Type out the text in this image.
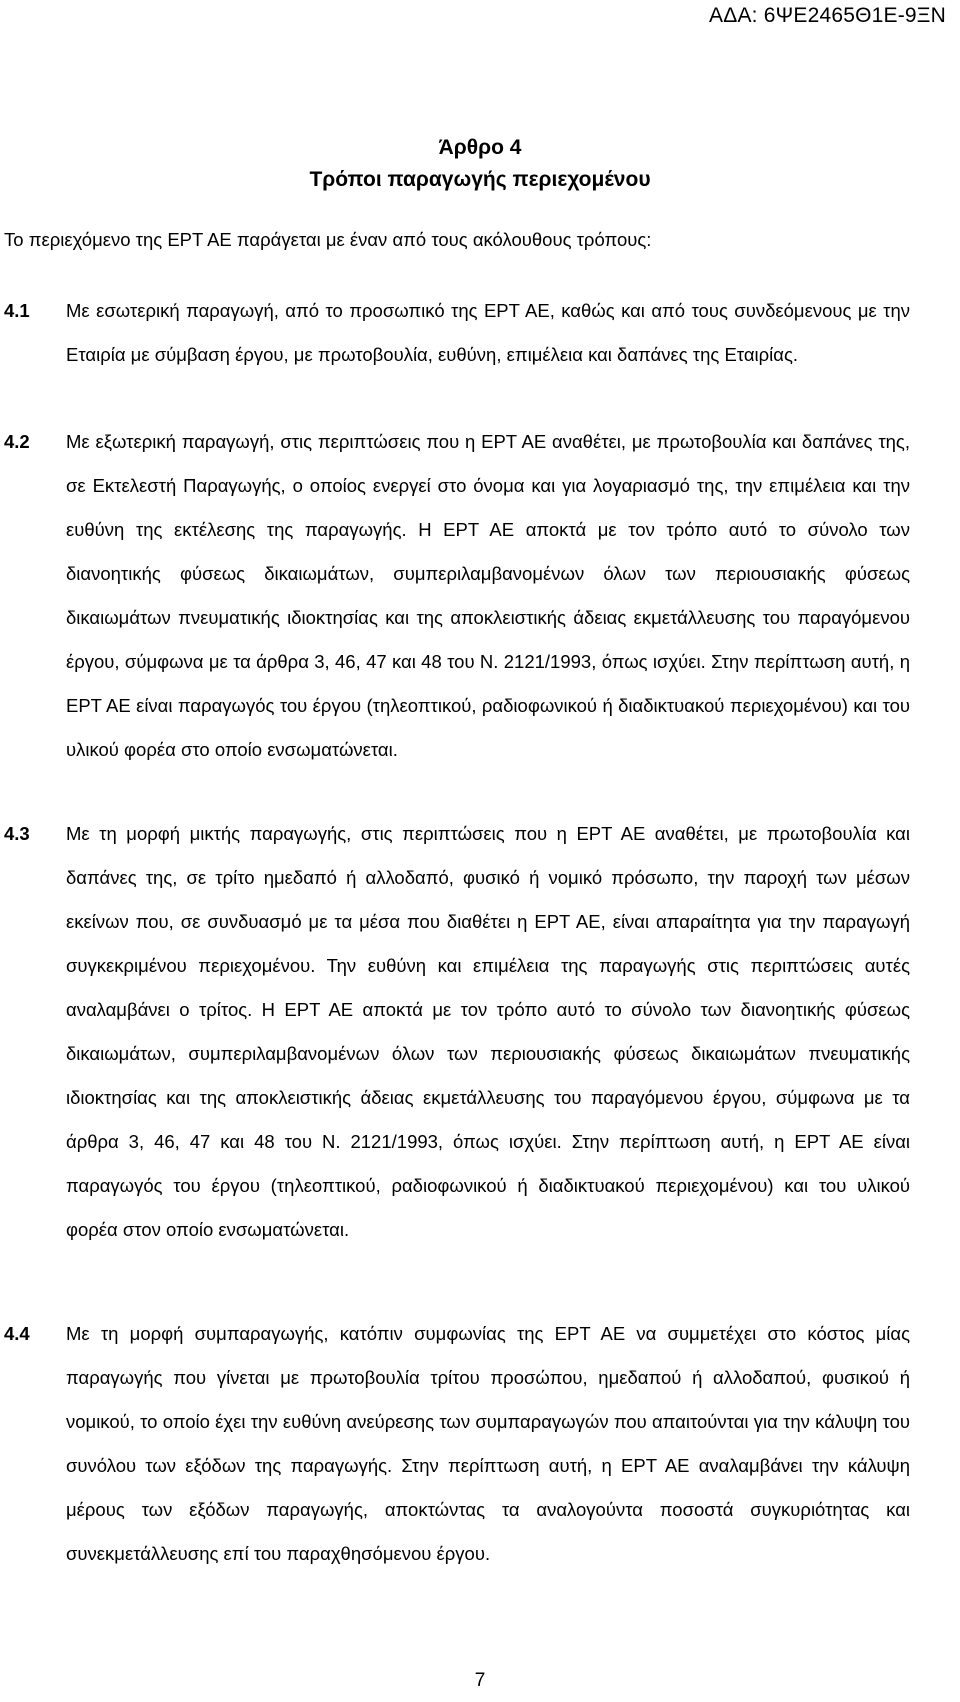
ΑΔΑ: 6ΨΕ2465Θ1Ε-9ΞΝ
Άρθρο 4
Τρόποι παραγωγής περιεχομένου
Το περιεχόμενο της ΕΡΤ ΑΕ παράγεται με έναν από τους ακόλουθους τρόπους:
4.1 Με εσωτερική παραγωγή, από το προσωπικό της ΕΡΤ ΑΕ, καθώς και από τους συνδεόμενους με την Εταιρία με σύμβαση έργου, με πρωτοβουλία, ευθύνη, επιμέλεια και δαπάνες της Εταιρίας.
4.2 Με εξωτερική παραγωγή, στις περιπτώσεις που η ΕΡΤ ΑΕ αναθέτει, με πρωτοβουλία και δαπάνες της, σε Εκτελεστή Παραγωγής, ο οποίος ενεργεί στο όνομα και για λογαριασμό της, την επιμέλεια και την ευθύνη της εκτέλεσης της παραγωγής. Η ΕΡΤ ΑΕ αποκτά με τον τρόπο αυτό το σύνολο των διανοητικής φύσεως δικαιωμάτων, συμπεριλαμβανομένων όλων των περιουσιακής φύσεως δικαιωμάτων πνευματικής ιδιοκτησίας και της αποκλειστικής άδειας εκμετάλλευσης του παραγόμενου έργου, σύμφωνα με τα άρθρα 3, 46, 47 και 48 του Ν. 2121/1993, όπως ισχύει. Στην περίπτωση αυτή, η ΕΡΤ ΑΕ είναι παραγωγός του έργου (τηλεοπτικού, ραδιοφωνικού ή διαδικτυακού περιεχομένου) και του υλικού φορέα στο οποίο ενσωματώνεται.
4.3 Με τη μορφή μικτής παραγωγής, στις περιπτώσεις που η ΕΡΤ ΑΕ αναθέτει, με πρωτοβουλία και δαπάνες της, σε τρίτο ημεδαπό ή αλλοδαπό, φυσικό ή νομικό πρόσωπο, την παροχή των μέσων εκείνων που, σε συνδυασμό με τα μέσα που διαθέτει η ΕΡΤ ΑΕ, είναι απαραίτητα για την παραγωγή συγκεκριμένου περιεχομένου. Την ευθύνη και επιμέλεια της παραγωγής στις περιπτώσεις αυτές αναλαμβάνει ο τρίτος. Η ΕΡΤ ΑΕ αποκτά με τον τρόπο αυτό το σύνολο των διανοητικής φύσεως δικαιωμάτων, συμπεριλαμβανομένων όλων των περιουσιακής φύσεως δικαιωμάτων πνευματικής ιδιοκτησίας και της αποκλειστικής άδειας εκμετάλλευσης του παραγόμενου έργου, σύμφωνα με τα άρθρα 3, 46, 47 και 48 του Ν. 2121/1993, όπως ισχύει. Στην περίπτωση αυτή, η ΕΡΤ ΑΕ είναι παραγωγός του έργου (τηλεοπτικού, ραδιοφωνικού ή διαδικτυακού περιεχομένου) και του υλικού φορέα στον οποίο ενσωματώνεται.
4.4 Με τη μορφή συμπαραγωγής, κατόπιν συμφωνίας της ΕΡΤ ΑΕ να συμμετέχει στο κόστος μίας παραγωγής που γίνεται με πρωτοβουλία τρίτου προσώπου, ημεδαπού ή αλλοδαπού, φυσικού ή νομικού, το οποίο έχει την ευθύνη ανεύρεσης των συμπαραγωγών που απαιτούνται για την κάλυψη του συνόλου των εξόδων της παραγωγής. Στην περίπτωση αυτή, η ΕΡΤ ΑΕ αναλαμβάνει την κάλυψη μέρους των εξόδων παραγωγής, αποκτώντας τα αναλογούντα ποσοστά συγκυριότητας και συνεκμετάλλευσης επί του παραχθησόμενου έργου.
7
